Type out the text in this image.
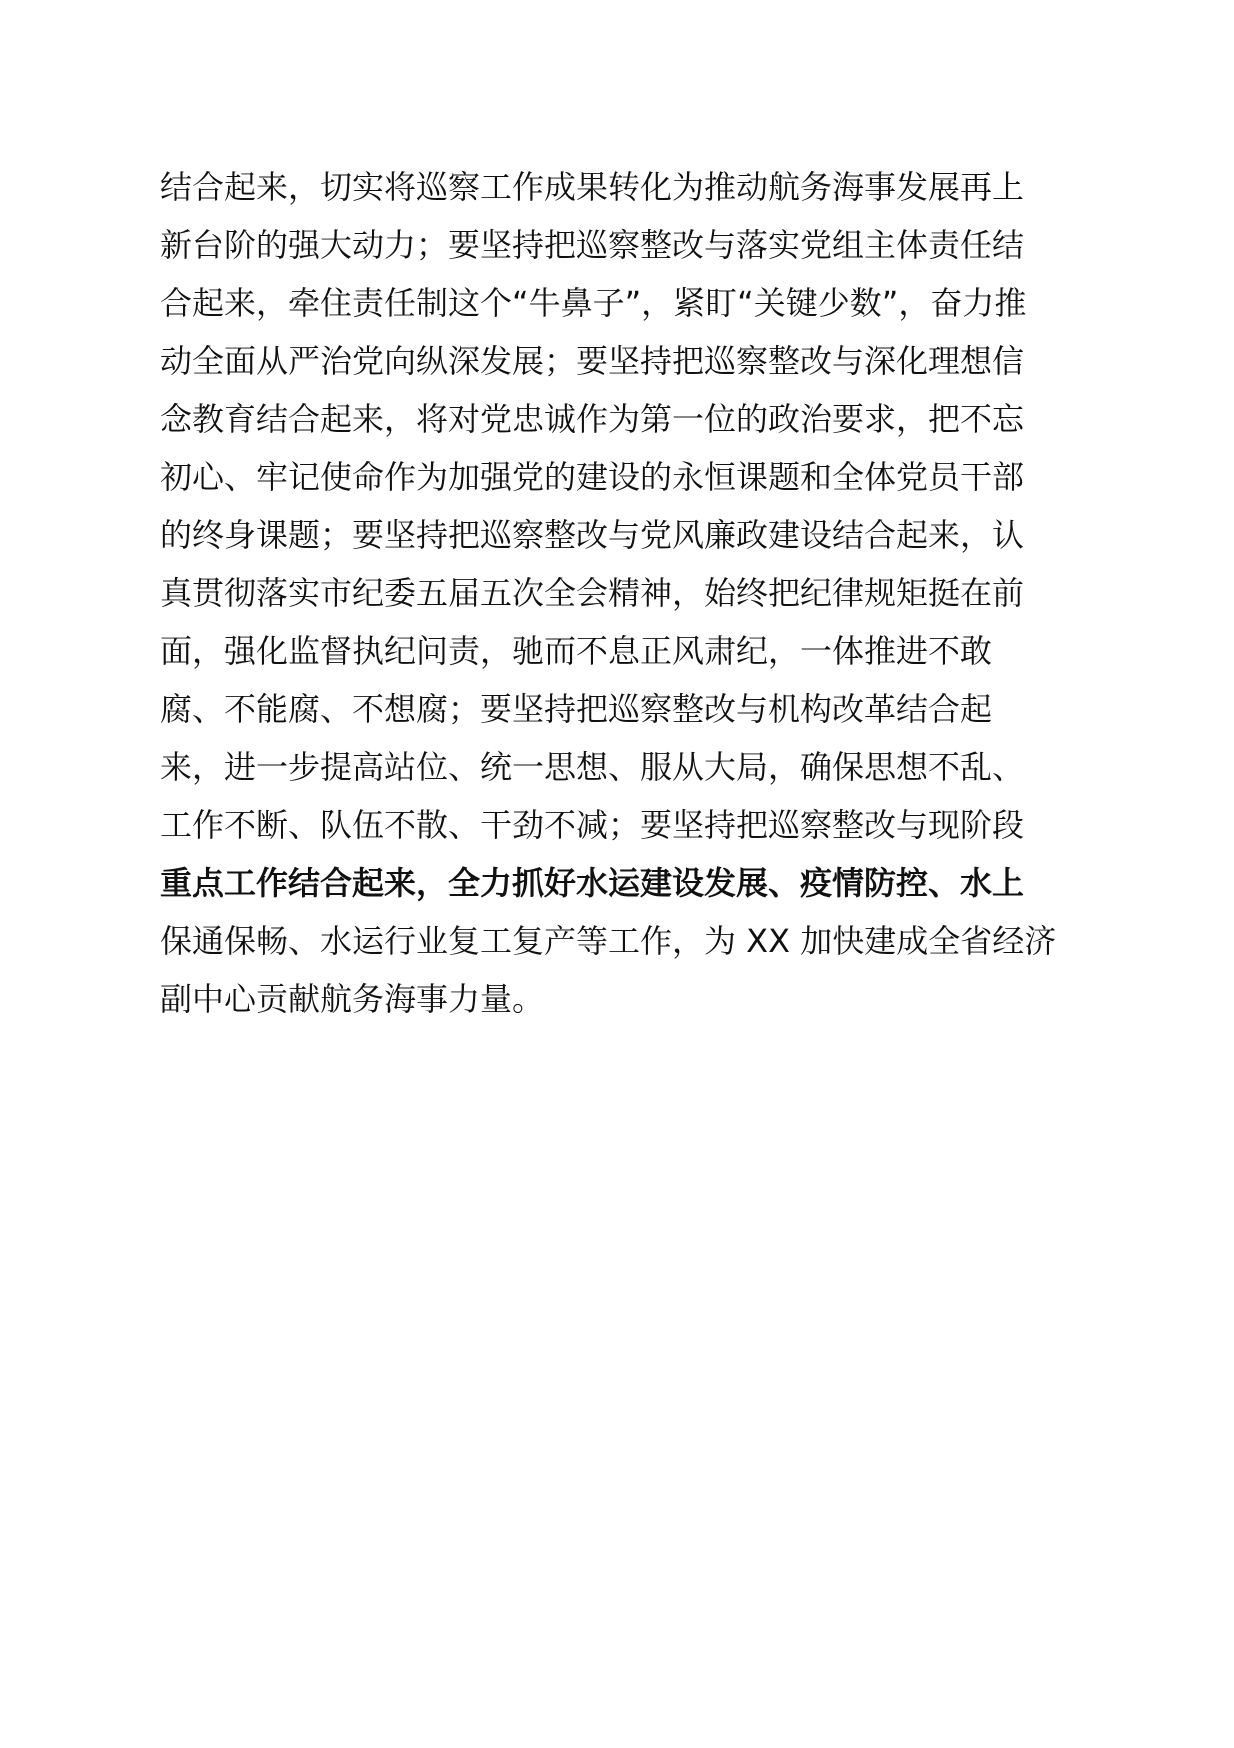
结合起来，切实将巡察工作成果转化为推动航务海事发展再上
新台阶的强大动力；要坚持把巡察整改与落实党组主体责任结
合起来，牵住责任制这个“牛鼻子”，紧盯“关键少数”，奋力推
动全面从严治党向纵深发展；要坚持把巡察整改与深化理想信
念教育结合起来，将对党忠诚作为第一位的政治要求，把不忘
初心、牢记使命作为加强党的建设的永恒课题和全体党员干部
的终身课题；要坚持把巡察整改与党风廉政建设结合起来，认
真贯彻落实市纪委五届五次全会精神，始终把纪律规矩挺在前
面，强化监督执纪问责，驰而不息正风肃纪，一体推进不敢
腐、不能腐、不想腐；要坚持把巡察整改与机构改革结合起
来，进一步提高站位、统一思想、服从大局，确保思想不乱、
工作不断、队伍不散、干劲不减；要坚持把巡察整改与现阶段
重点工作结合起来，全力抓好水运建设发展、疫情防控、水上
保通保畅、水运行业复工复产等工作，为 XX 加快建成全省经济
副中心贡献航务海事力量。
